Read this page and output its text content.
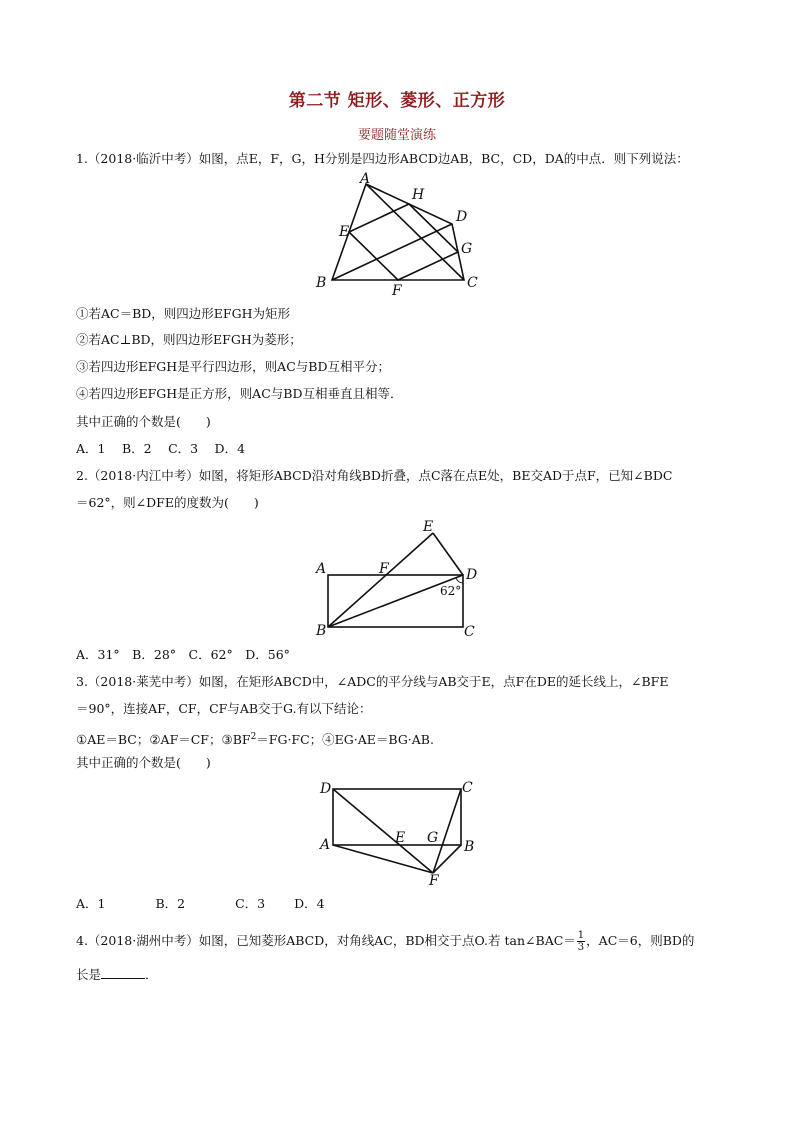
第二节 矩形、菱形、正方形
要题随堂演练
1.（2018·临沂中考）如图，点E，F，G，H分别是四边形ABCD边AB，BC，CD，DA的中点．则下列说法：
A
H
D
E
G
B	F	C
①若AC＝BD，则四边形EFGH为矩形
②若AC⊥BD，则四边形EFGH为菱形；
③若四边形EFGH是平行四边形，则AC与BD互相平分；
④若四边形EFGH是正方形，则AC与BD互相垂直且相等．
其中正确的个数是(　　)
A．1　 B．2　 C．3　 D．4
2.（2018·内江中考）如图，将矩形ABCD沿对角线BD折叠，点C落在点E处，BE交AD于点F，已知∠BDC
＝62°，则∠DFE的度数为(　　)
E
A	F	D
62°
B	C
A．31°　B．28°　C．62°　D．56°
3.（2018·莱芜中考）如图，在矩形ABCD中，∠ADC的平分线与AB交于E，点F在DE的延长线上，∠BFE
＝90°，连接AF，CF，CF与AB交于G.有以下结论：
①AE＝BC；②AF＝CF；$③BF^2=FG\cdot FC$；④EG·AE＝BG·AB.
其中正确的个数是(　　)
D	C
A	E G
B
F
A．1　　　　B．2　　　　C．3　　 D．4
4.（2018·湖州中考）如图，已知菱形ABCD，对角线AC，BD相交于点O.若 tan∠BAC＝ $\frac{1}{3}$ ，AC＝6，则BD的
长是	．
